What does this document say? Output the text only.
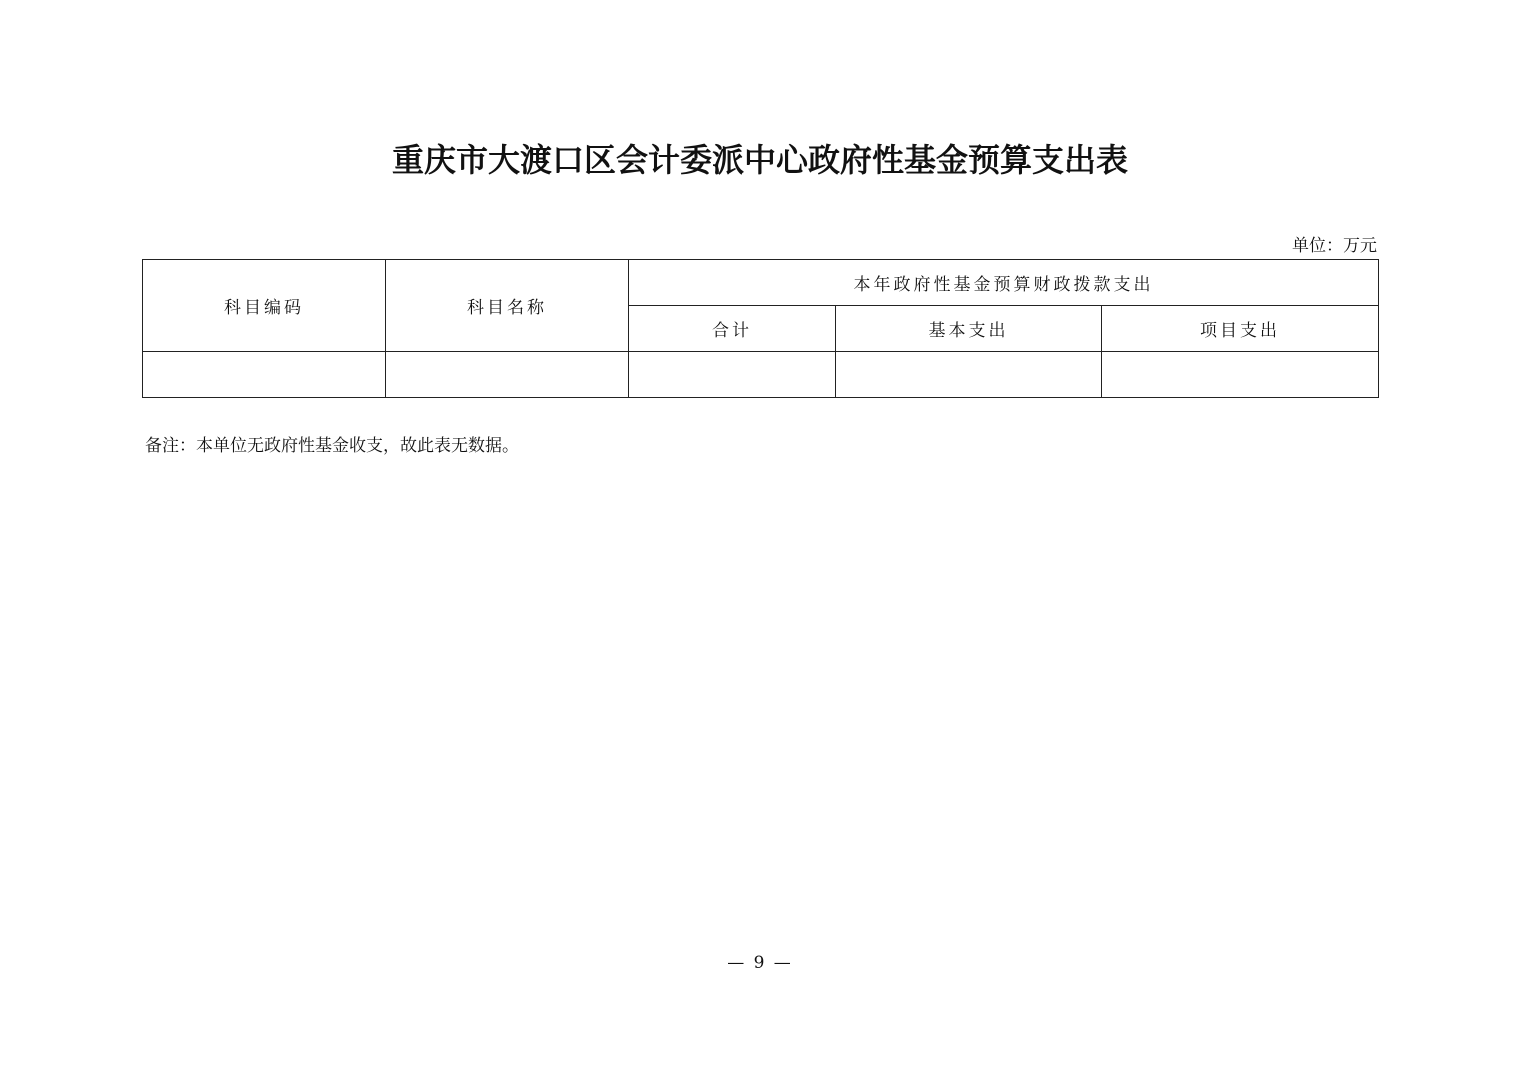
重庆市大渡口区会计委派中心政府性基金预算支出表
单位：万元
科目编码	科目名称	本年政府性基金预算财政拨款支出		
		合计	基本支出	项目支出

备注：本单位无政府性基金收支，故此表无数据。
— 9 —
